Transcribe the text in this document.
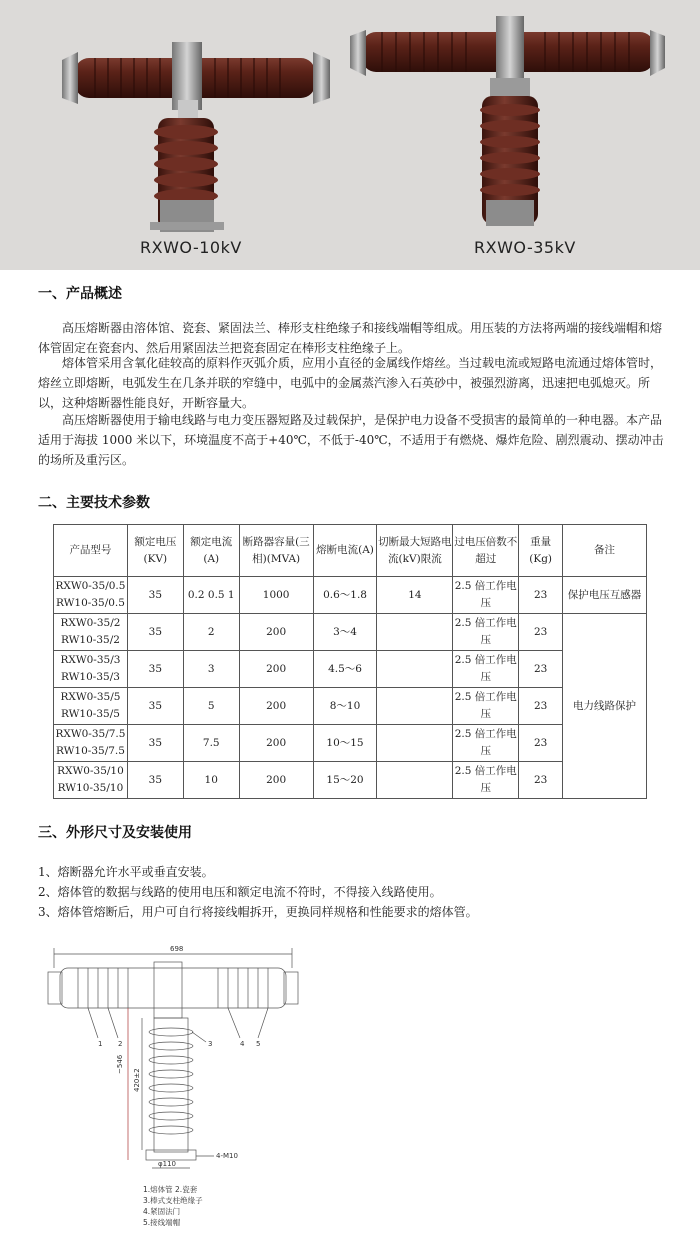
RXWO-10kV	RXWO-35kV
一、产品概述

高压熔断器由溶体馆、瓷套、紧固法兰、棒形支柱绝缘子和接线端帽等组成。用压装的方法将两端的接线端帽和熔体管固定在瓷套内、然后用紧固法兰把瓷套固定在棒形支柱绝缘子上。

熔体管采用含氧化硅较高的原料作灭弧介质，应用小直径的金属线作熔丝。当过载电流或短路电流通过熔体管时，熔丝立即熔断，电弧发生在几条并联的窄缝中，电弧中的金属蒸汽渗入石英砂中，被强烈游离，迅速把电弧熄灭。所以，这种熔断器性能良好，开断容量大。

高压熔断器使用于输电线路与电力变压器短路及过载保护，是保护电力设备不受损害的最简单的一种电器。本产品适用于海拔 1000 米以下，环境温度不高于+40℃，不低于-40℃，不适用于有燃烧、爆炸危险、剧烈震动、摆动冲击的场所及重污区。

二、主要技术参数
产品型号	额定电压(KV)	额定电流(A)	断路器容量(三相)(MVA)	熔断电流(A)	切断最大短路电流(kV)限流	过电压倍数不超过	重量(Kg)	备注
RXW0-35/0.5 RW10-35/0.5	35	0.2 0.5 1	1000	0.6～1.8	14	2.5 倍工作电压	23	保护电压互感器
RXW0-35/2 RW10-35/2	35	2	200	3～4		2.5 倍工作电压	23	电力线路保护
RXW0-35/3 RW10-35/3	35	3	200	4.5～6		2.5 倍工作电压	23	
RXW0-35/5 RW10-35/5	35	5	200	8～10		2.5 倍工作电压	23	
RXW0-35/7.5 RW10-35/7.5	35	7.5	200	10～15		2.5 倍工作电压	23	
RXW0-35/10 RW10-35/10	35	10	200	15～20		2.5 倍工作电压	23	
三、外形尺寸及安装使用
1、熔断器允许水平或垂直安装。
2、熔体管的数据与线路的使用电压和额定电流不符时，不得接入线路使用。
3、熔体管熔断后，用户可自行将接线帽拆开，更换同样规格和性能要求的熔体管。
698
~546
420±2
φ110
4-M10
1 2	3	4 5
1.熔体管 2.瓷套
3.棒式支柱绝缘子
4.紧固法门
5.接线端帽
